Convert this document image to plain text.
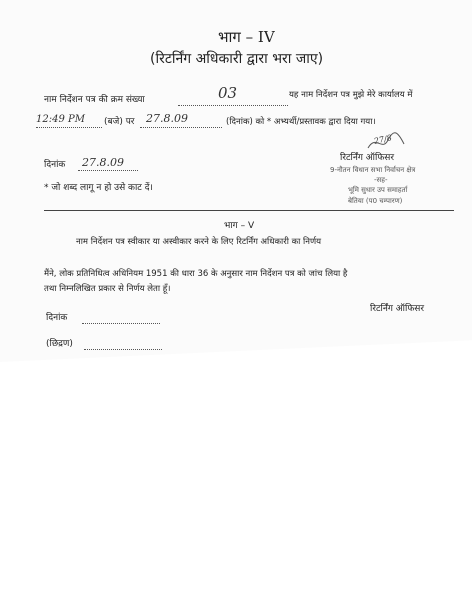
भाग – IV
(रिटर्निंग अधिकारी द्वारा भरा जाए)
नाम निर्देशन पत्र की क्रम संख्या	03	यह नाम निर्देशन पत्र मुझे मेरे कार्यालय में
12:49 PM (बजे) पर 27.8.09	(दिनांक) को * अभ्यर्थी/प्रस्तावक द्वारा दिया गया।
27/8
दिनांक 27.8.09	रिटर्निंग ऑफिसर
9-नौतन विधान सभा निर्वाचन क्षेत्र
-सह-
भूमि सुधार उप समाहर्ता
बेतिया (प0 चम्पारण)
* जो शब्द लागू न हो उसे काट दें।
भाग – V
नाम निर्देशन पत्र स्वीकार या अस्वीकार करने के लिए रिटर्निंग अधिकारी का निर्णय
मैंने, लोक प्रतिनिधित्व अधिनियम 1951 की धारा 36 के अनुसार नाम निर्देशन पत्र को जांच लिया है
तथा निम्नलिखित प्रकार से निर्णय लेता हूँ।
रिटर्निंग ऑफिसर
दिनांक
(छिद्रण)
